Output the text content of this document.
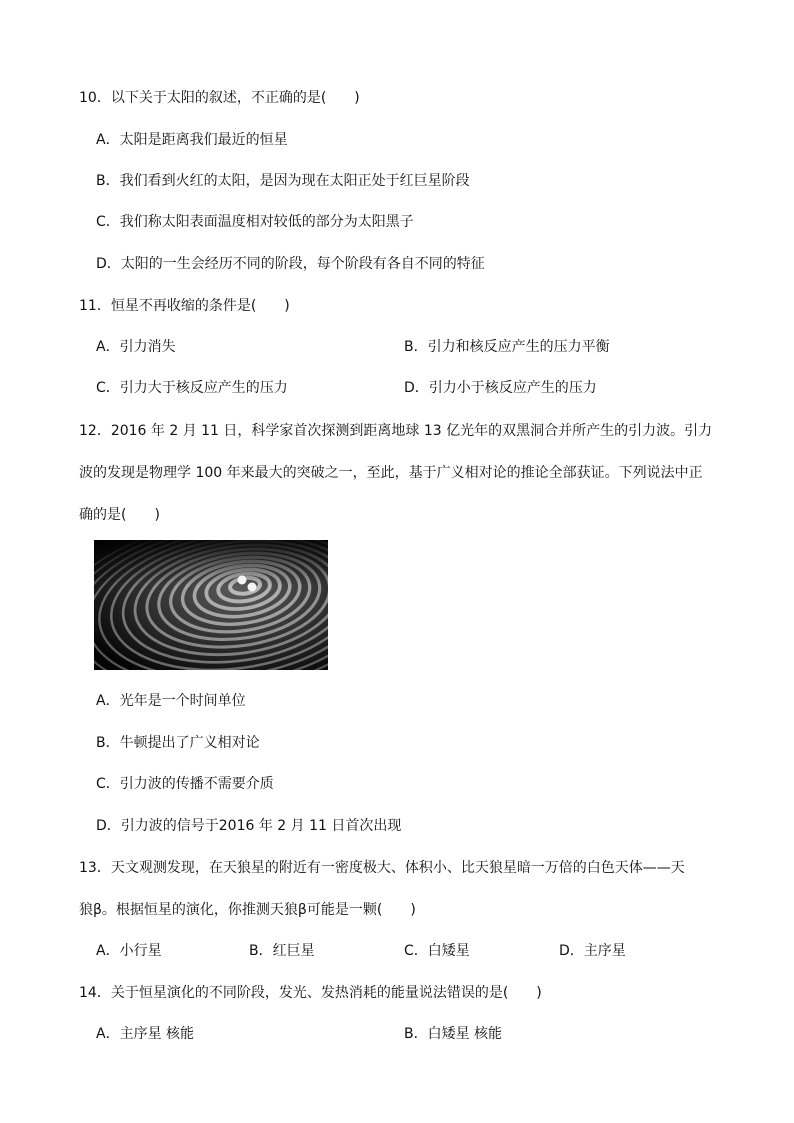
10．以下关于太阳的叙述，不正确的是(　　)
A．太阳是距离我们最近的恒星
B．我们看到火红的太阳，是因为现在太阳正处于红巨星阶段
C．我们称太阳表面温度相对较低的部分为太阳黑子
D．太阳的一生会经历不同的阶段，每个阶段有各自不同的特征
11．恒星不再收缩的条件是(　　)
A．引力消失	B．引力和核反应产生的压力平衡
C．引力大于核反应产生的压力	D．引力小于核反应产生的压力
12．2016 年 2 月 11 日，科学家首次探测到距离地球 13 亿光年的双黑洞合并所产生的引力波。引力
波的发现是物理学 100 年来最大的突破之一，至此，基于广义相对论的推论全部获证。下列说法中正
确的是(　　)
A．光年是一个时间单位
B．牛顿提出了广义相对论
C．引力波的传播不需要介质
D．引力波的信号于2016 年 2 月 11 日首次出现
13．天文观测发现，在天狼星的附近有一密度极大、体积小、比天狼星暗一万倍的白色天体——天
狼β。根据恒星的演化，你推测天狼β可能是一颗(　　)
A．小行星	B．红巨星	C．白矮星	D．主序星
14．关于恒星演化的不同阶段，发光、发热消耗的能量说法错误的是(　　)
A．主序星 核能	B．白矮星 核能
